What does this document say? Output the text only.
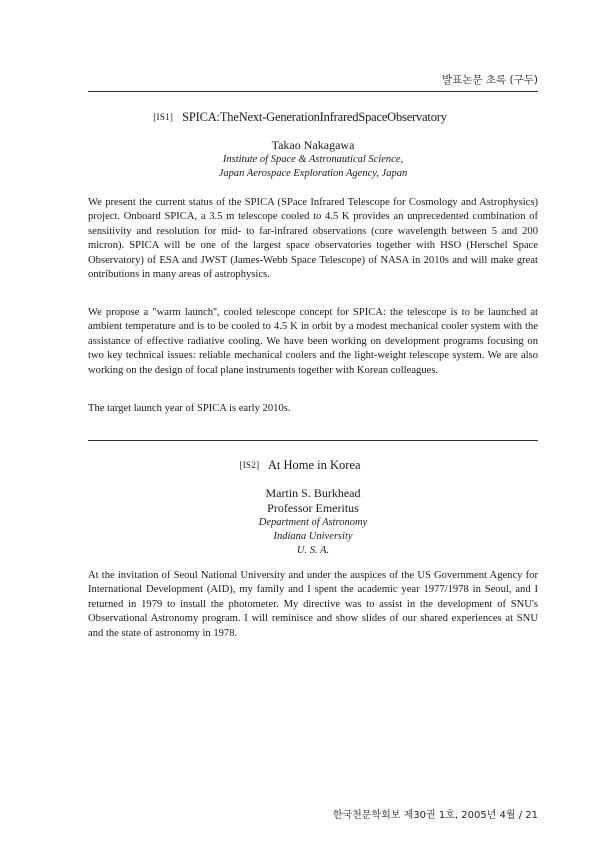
발표논문 초록 (구두)
[IS1] SPICA:TheNext-GenerationInfraredSpaceObservatory
Takao Nakagawa
Institute of Space & Astronautical Science,
Japan Aerospace Exploration Agency, Japan

We present the current status of the SPICA (SPace Infrared Telescope for Cosmology and Astrophysics) project. Onboard SPICA, a 3.5 m telescope cooled to 4.5 K provides an unprecedented combination of sensitivity and resolution for mid- to far-infrared observations (core wavelength between 5 and 200 micron). SPICA will be one of the largest space observatories together with HSO (Herschel Space Observatory) of ESA and JWST (James-Webb Space Telescope) of NASA in 2010s and will make great ontributions in many areas of astrophysics.

We propose a "warm launch'', cooled telescope concept for SPICA: the telescope is to be launched at ambient temperature and is to be cooled to 4.5 K in orbit by a modest mechanical cooler system with the assistance of effective radiative cooling. We have been working on development programs focusing on two key technical issues: reliable mechanical coolers and the light-weight telescope system. We are also working on the design of focal plane instruments together with Korean colleagues.

The target launch year of SPICA is early 2010s.

[IS2] At Home in Korea
Martin S. Burkhead
Professor Emeritus
Department of Astronomy
Indiana University
U. S. A.

At the invitation of Seoul National University and under the auspices of the US Government Agency for International Development (AID), my family and I spent the academic year 1977/1978 in Seoul, and I returned in 1979 to install the photometer. My directive was to assist in the development of SNU's Observational Astronomy program. I will reminisce and show slides of our shared experiences at SNU and the state of astronomy in 1978.

한국천문학회보 제30권 1호, 2005년 4월 / 21
